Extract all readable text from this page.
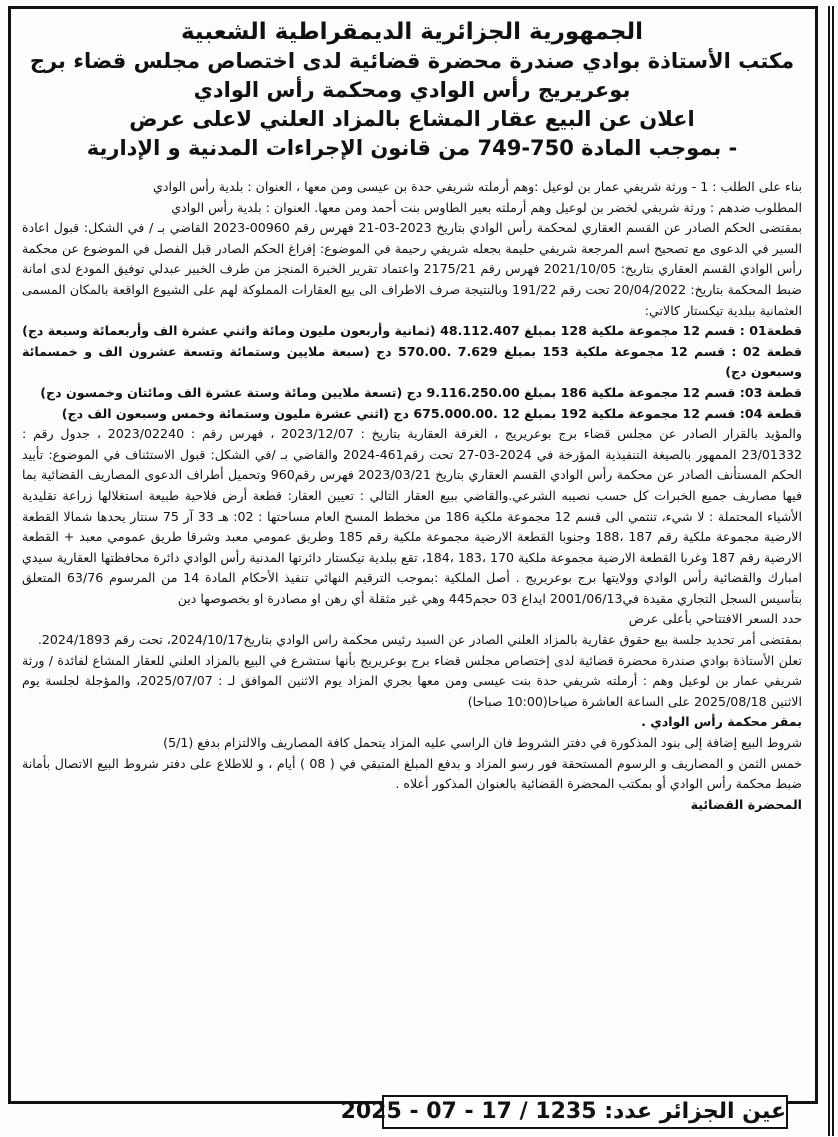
الجمهورية الجزائرية الديمقراطية الشعبية

مكتب الأستاذة بوادي صندرة محضرة قضائية لدى اختصاص مجلس قضاء برج

بوعريريج رأس الوادي ومحكمة رأس الوادي

اعلان عن البيع عقار المشاع بالمزاد العلني لاعلى عرض

- بموجب المادة 750-749 من قانون الإجراءات المدنية و الإدارية

بناء على الطلب : 1 - ورثة شريفي عمار بن لوعيل :وهم أرملته شريفي حدة بن عيسى ومن معها ، العنوان : بلدية رأس الوادي

المطلوب ضدهم : ورثة شريفي لخضر بن لوعيل وهم أرملته بعير الطاوس بنت أحمد ومن معها. العنوان : بلدية رأس الوادي

بمقتضى الحكم الصادر عن القسم العقاري لمحكمة رأس الوادي بتاريخ 2023-03-21 فهرس رقم 00960-2023 القاضي بـ / في الشكل: قبول اعادة السير في الدعوى مع تصحيح اسم المرجعة شريفي حليمة بجعله شريفي رحيمة في الموضوع: إفراغ الحكم الصادر قبل الفصل في الموضوع عن محكمة رأس الوادي القسم العقاري بتاريخ: 2021/10/05 فهرس رقم 2175/21 واعتماد تقرير الخبرة المنجز من طرف الخبير عبدلي توفيق المودع لدى امانة ضبط المحكمة بتاريخ: 20/04/2022 تحت رقم 191/22 وبالنتيجة صرف الاطراف الى بيع العقارات المملوكة لهم على الشيوع الواقعة بالمكان المسمى العثمانية ببلدية تيكستار كالاتي:

قطعة01 : قسم 12 مجموعة ملكية 128 بمبلغ 48.112.407 (ثمانية وأربعون مليون ومائة واثني عشرة الف وأربعمائة وسبعة دج)

قطعة 02 : قسم 12 مجموعة ملكية 153 بمبلغ 7.629 .570.00 دج (سبعة ملايين وستمائة وتسعة عشرون الف و خمسمائة وسبعون دج)

قطعة 03: قسم 12 مجموعة ملكية 186 بمبلغ 9.116.250.00 دج (تسعة ملايين ومائة وستة عشرة الف ومائتان وخمسون دج)

قطعة 04: قسم 12 مجموعة ملكية 192 بمبلغ 12 .675.000.00 دج (اثني عشرة مليون وستمائة وخمس وسبعون الف دج)

والمؤيد بالقرار الصادر عن مجلس قضاء برج بوعريريج ، الغرفة العقارية بتاريخ : 2023/12/07 ، فهرس رقم : 2023/02240 ، جدول رقم : 23/01332 الممهور بالصيغة التنفيذية المؤرخة في 2024-03-27 تحت رقم461-2024 والقاضي بـ /في الشكل: قبول الاستئناف في الموضوع: تأييد الحكم المستأنف الصادر عن محكمة رأس الوادي القسم العقاري بتاريخ 2023/03/21 فهرس رقم960 وتحميل أطراف الدعوى المصاريف القضائية بما فيها مصاريف جميع الخبرات كل حسب نصيبه الشرعي.والقاضي ببيع العقار التالي : تعيين العقار: قطعة أرض فلاحية طبيعة استغلالها زراعة تقليدية الأشياء المحتملة : لا شيء، تنتمي الى قسم 12 مجموعة ملكية 186 من مخطط المسح العام مساحتها : 02: هـ 33 آر 75 سنتار يحدها شمالا القطعة الارضية مجموعة ملكية رقم 187 ،188 وجنوبا القطعة الارضية مجموعة ملكية رقم 185 وطريق عمومي معبد وشرقا طريق عمومي معبد + القطعة الارضية رقم 187 وغربا القطعة الارضية مجموعة ملكية 170 ،183 ،184، تقع ببلدية تيكستار دائرتها المدنية رأس الوادي دائرة محافظتها العقارية سيدي امبارك والقضائية رأس الوادي وولايتها برج بوعريريج . أصل الملكية :بموجب الترقيم النهائي تنفيذ الأحكام المادة 14 من المرسوم 63/76 المتعلق بتأسيس السجل التجاري مقيدة في2001/06/13 ايداع 03 حجم445 وهي غير مثقلة أي رهن او مصادرة او بخصوصها دين

حدد السعر الافتتاحي بأعلى عرض

بمقتضى أمر تحديد جلسة بيع حقوق عقارية بالمزاد العلني الصادر عن السيد رئيس محكمة راس الوادي بتاريخ2024/10/17، تحت رقم 2024/1893.

تعلن الأستاذة بوادي صندرة محضرة قضائية لدى إختصاص مجلس قضاء برج بوعريريج بأنها ستشرع في البيع بالمزاد العلني للعقار المشاع لفائدة / ورثة شريفي عمار بن لوعيل وهم : أرملته شريفي حدة بنت عيسى ومن معها بجري المزاد يوم الاثنين الموافق لـ : 2025/07/07، والمؤجلة لجلسة يوم الاثنين 2025/08/18 على الساعة العاشرة صباحا(10:00 صباحا)

بمقر محكمة رأس الوادي .

شروط البيع إضافة إلى بنود المذكورة في دفتر الشروط فان الراسي عليه المزاد يتحمل كافة المصاريف والالتزام بدفع (5/1)

خمس الثمن و المصاريف و الرسوم المستحقة فور رسو المزاد و بدفع المبلغ المتبقي في ( 08 ) أيام ، و للاطلاع على دفتر شروط البيع الاتصال بأمانة ضبط محكمة رأس الوادي أو بمكتب المحضرة القضائية بالعنوان المذكور أعلاه .

المحضرة القضائية

عين الجزائر عدد: 1235 / 17 - 07 - 2025
